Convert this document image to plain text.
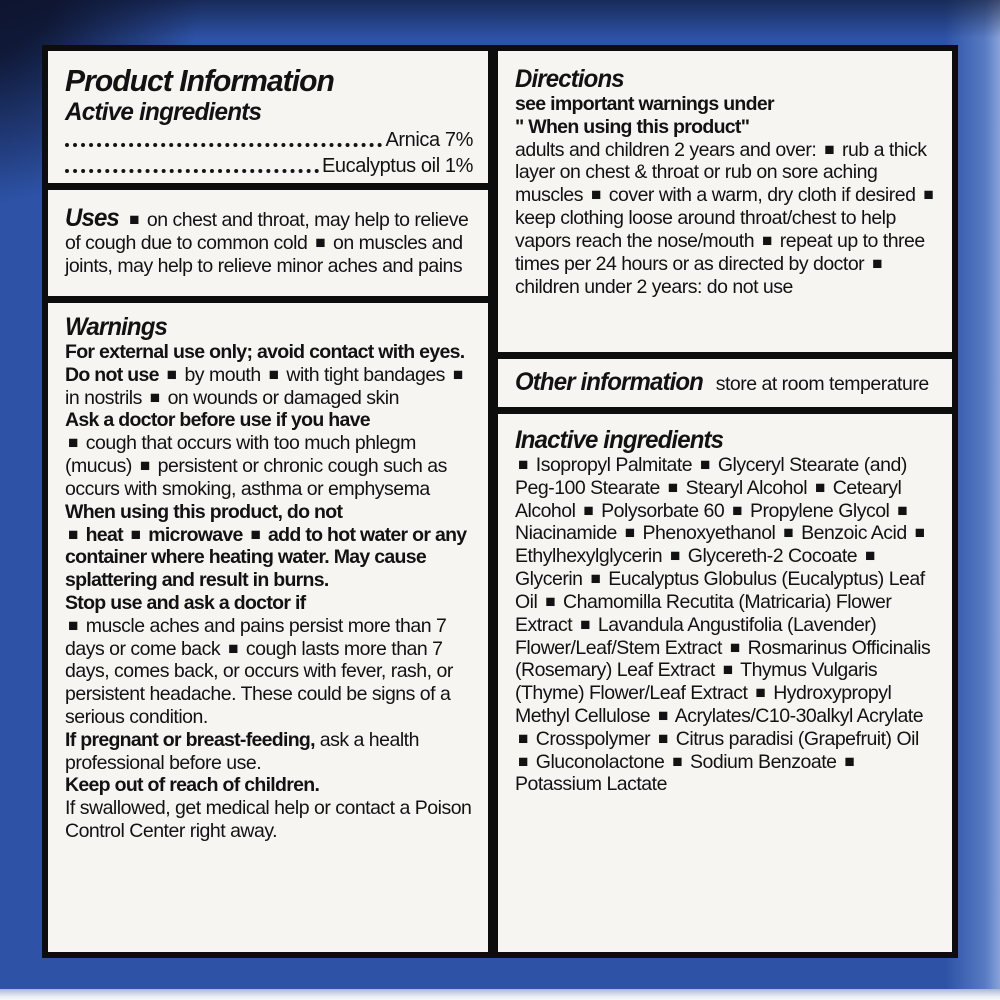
Product Information
Active ingredients
Arnica 7%
Eucalyptus oil 1%
Uses ■ on chest and throat, may help to relieve of cough due to common cold ■ on muscles and joints, may help to relieve minor aches and pains
Warnings
For external use only; avoid contact with eyes.
Do not use ■ by mouth ■ with tight bandages ■ in nostrils ■ on wounds or damaged skin
Ask a doctor before use if you have
■ cough that occurs with too much phlegm (mucus) ■ persistent or chronic cough such as occurs with smoking, asthma or emphysema
When using this product, do not
■ heat ■ microwave ■ add to hot water or any container where heating water. May cause splattering and result in burns.
Stop use and ask a doctor if
■ muscle aches and pains persist more than 7 days or come back ■ cough lasts more than 7 days, comes back, or occurs with fever, rash, or persistent headache. These could be signs of a serious condition.
If pregnant or breast-feeding, ask a health professional before use.
Keep out of reach of children.
If swallowed, get medical help or contact a Poison Control Center right away.
Directions
see important warnings under
" When using this product"
adults and children 2 years and over: ■ rub a thick layer on chest & throat or rub on sore aching muscles ■ cover with a warm, dry cloth if desired ■ keep clothing loose around throat/chest to help vapors reach the nose/mouth ■ repeat up to three times per 24 hours or as directed by doctor ■ children under 2 years: do not use
Other information store at room temperature
Inactive ingredients
■ Isopropyl Palmitate ■ Glyceryl Stearate (and) Peg-100 Stearate ■ Stearyl Alcohol ■ Cetearyl Alcohol ■ Polysorbate 60 ■ Propylene Glycol ■ Niacinamide ■ Phenoxyethanol ■ Benzoic Acid ■ Ethylhexylglycerin ■ Glycereth-2 Cocoate ■ Glycerin ■ Eucalyptus Globulus (Eucalyptus) Leaf Oil ■ Chamomilla Recutita (Matricaria) Flower Extract ■ Lavandula Angustifolia (Lavender) Flower/Leaf/Stem Extract ■ Rosmarinus Officinalis (Rosemary) Leaf Extract ■ Thymus Vulgaris (Thyme) Flower/Leaf Extract ■ Hydroxypropyl Methyl Cellulose ■ Acrylates/C10-30alkyl Acrylate ■ Crosspolymer ■ Citrus paradisi (Grapefruit) Oil ■ Gluconolactone ■ Sodium Benzoate ■ Potassium Lactate
